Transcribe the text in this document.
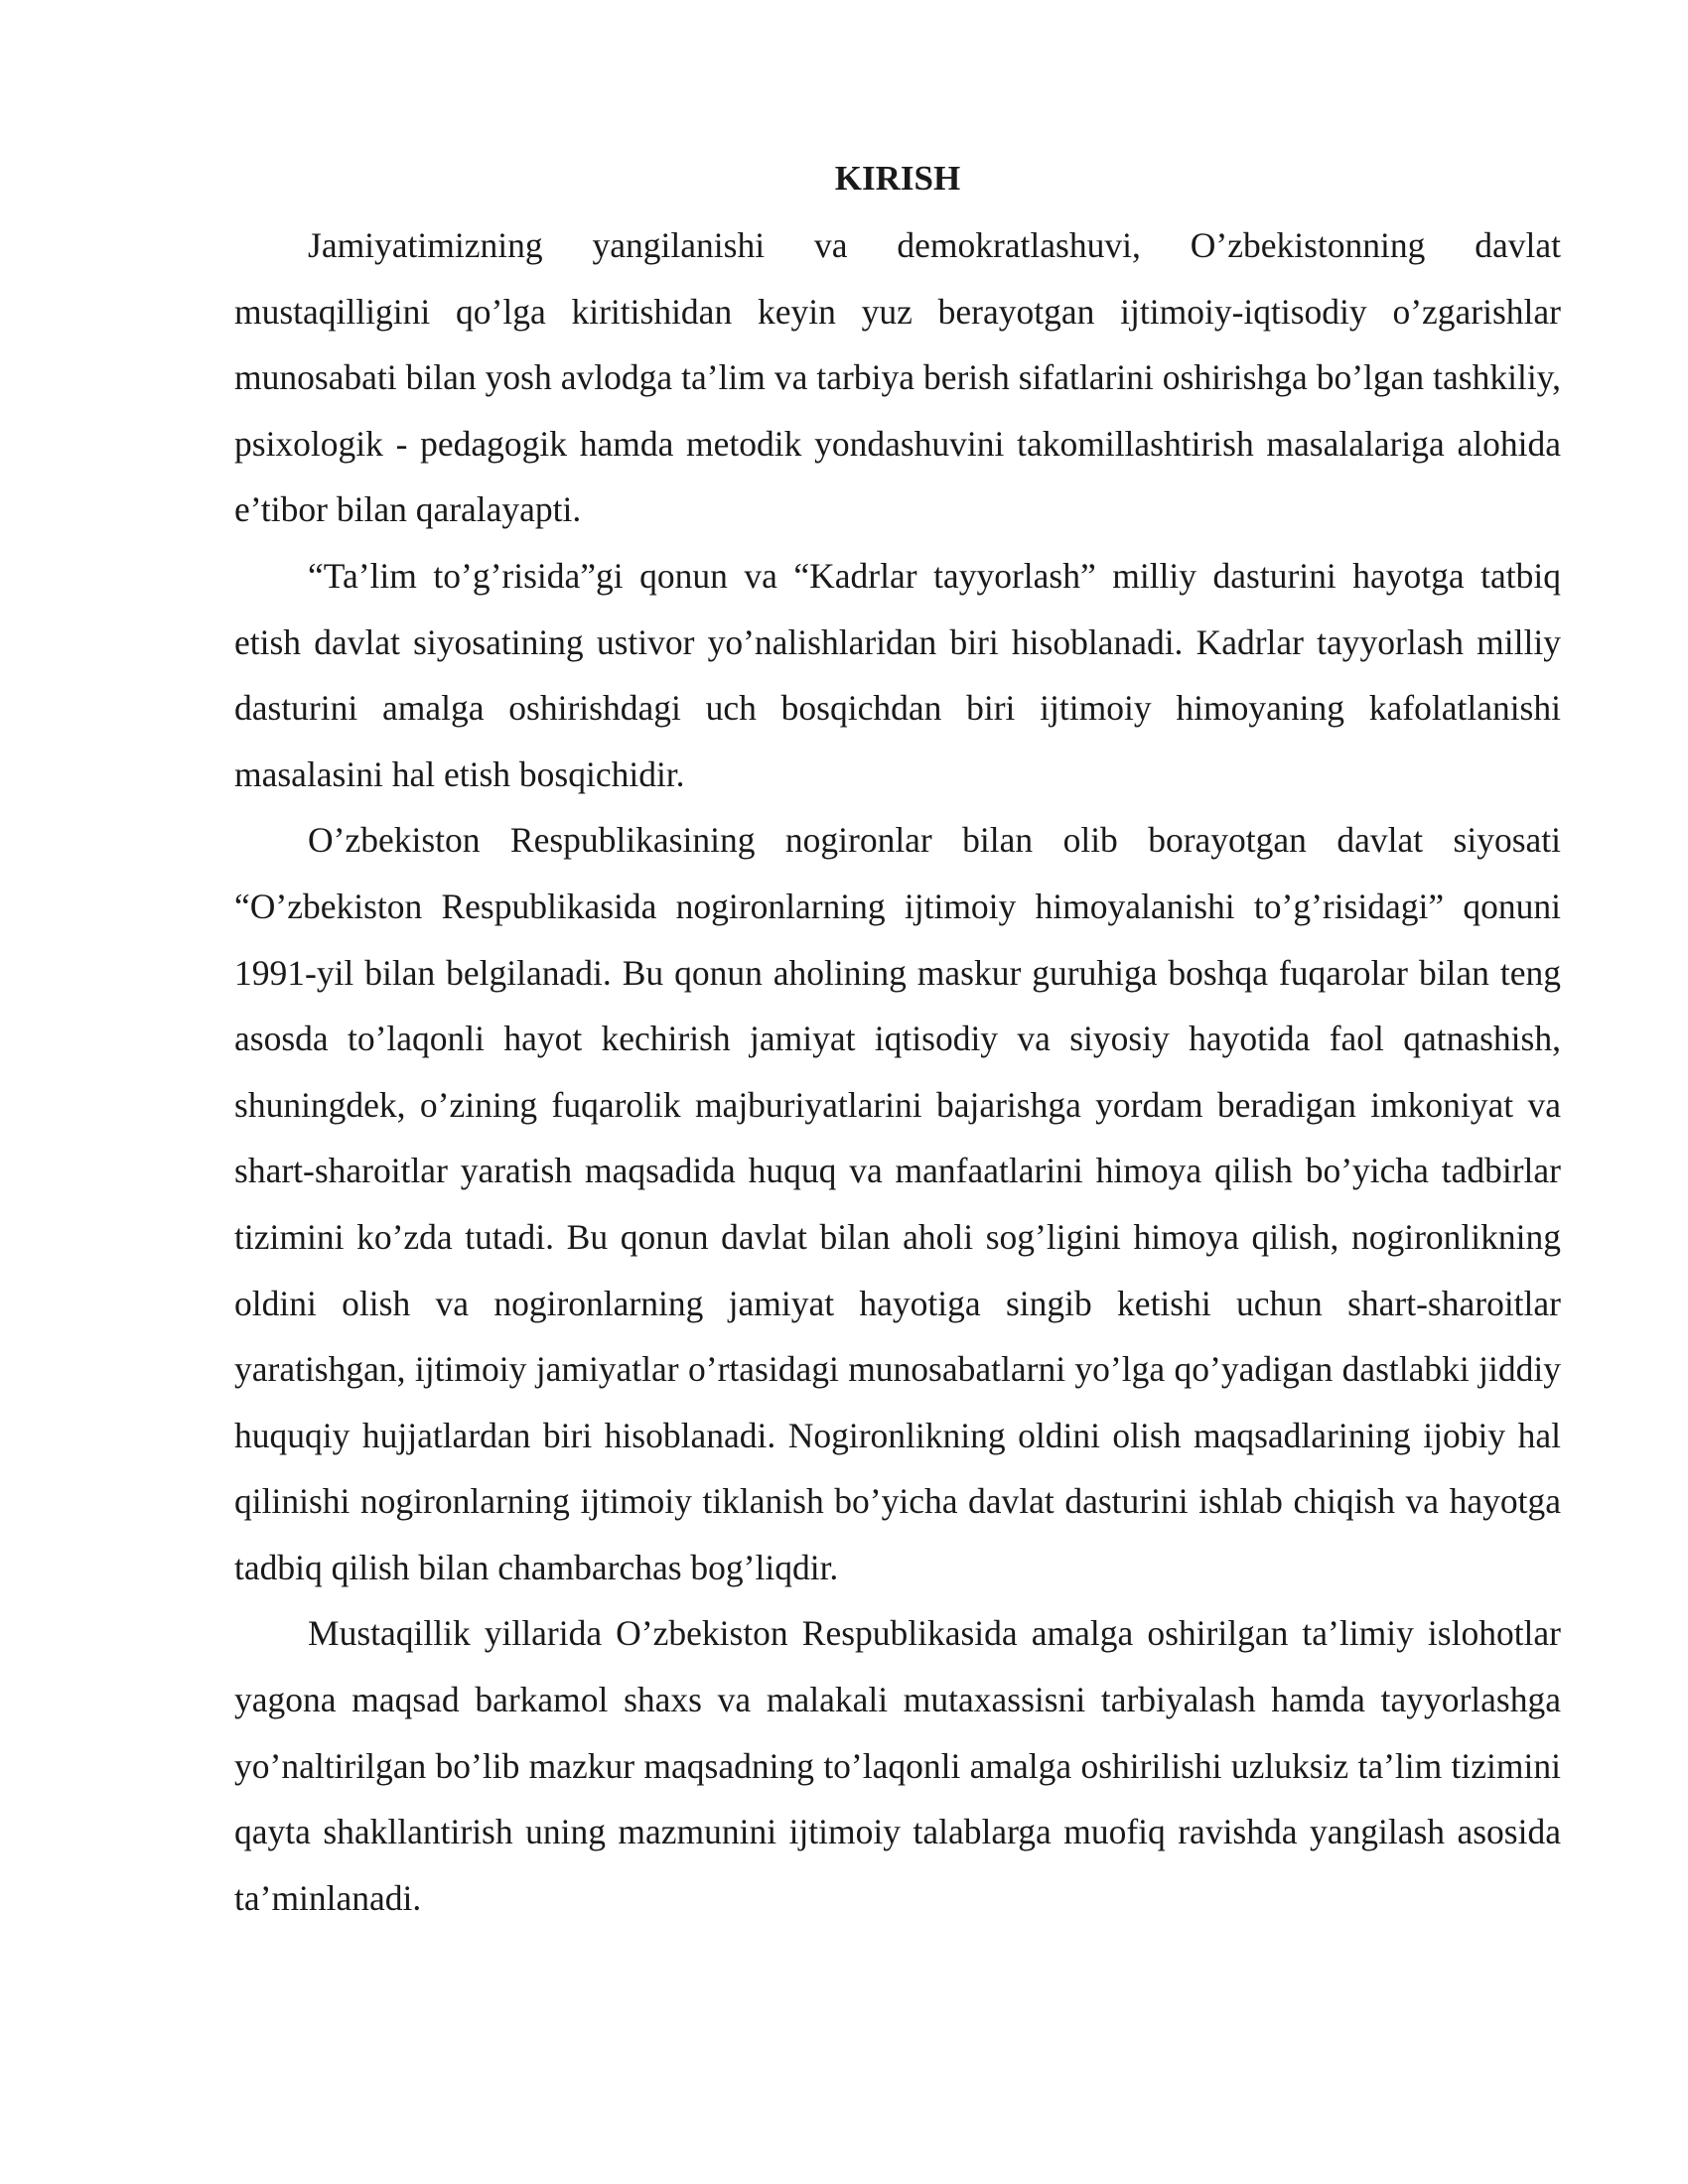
KIRISH

Jamiyatimizning yangilanishi va demokratlashuvi, O’zbekistonning davlat mustaqilligini qo’lga kiritishidan keyin yuz berayotgan ijtimoiy-iqtisodiy o’zgarishlar munosabati bilan yosh avlodga ta’lim va tarbiya berish sifatlarini oshirishga bo’lgan tashkiliy, psixologik - pedagogik hamda metodik yondashuvini takomillashtirish masalalariga alohida e’tibor bilan qaralayapti.

“Ta’lim to’g’risida”gi qonun va “Kadrlar tayyorlash” milliy dasturini hayotga tatbiq etish davlat siyosatining ustivor yo’nalishlaridan biri hisoblanadi. Kadrlar tayyorlash milliy dasturini amalga oshirishdagi uch bosqichdan biri ijtimoiy himoyaning kafolatlanishi masalasini hal etish bosqichidir.

O’zbekiston Respublikasining nogironlar bilan olib borayotgan davlat siyosati “O’zbekiston Respublikasida nogironlarning ijtimoiy himoyalanishi to’g’risidagi” qonuni 1991-yil bilan belgilanadi. Bu qonun aholining maskur guruhiga boshqa fuqarolar bilan teng asosda to’laqonli hayot kechirish jamiyat iqtisodiy va siyosiy hayotida faol qatnashish, shuningdek, o’zining fuqarolik majburiyatlarini bajarishga yordam beradigan imkoniyat va shart-sharoitlar yaratish maqsadida huquq va manfaatlarini himoya qilish bo’yicha tadbirlar tizimini ko’zda tutadi. Bu qonun davlat bilan aholi sog’ligini himoya qilish, nogironlikning oldini olish va nogironlarning jamiyat hayotiga singib ketishi uchun shart-sharoitlar yaratishgan, ijtimoiy jamiyatlar o’rtasidagi munosabatlarni yo’lga qo’yadigan dastlabki jiddiy huquqiy hujjatlardan biri hisoblanadi. Nogironlikning oldini olish maqsadlarining ijobiy hal qilinishi nogironlarning ijtimoiy tiklanish bo’yicha davlat dasturini ishlab chiqish va hayotga tadbiq qilish bilan chambarchas bog’liqdir.

Mustaqillik yillarida O’zbekiston Respublikasida amalga oshirilgan ta’limiy islohotlar yagona maqsad barkamol shaxs va malakali mutaxassisni tarbiyalash hamda tayyorlashga yo’naltirilgan bo’lib mazkur maqsadning to’laqonli amalga oshirilishi uzluksiz ta’lim tizimini qayta shakllantirish uning mazmunini ijtimoiy talablarga muofiq ravishda yangilash asosida ta’minlanadi.
